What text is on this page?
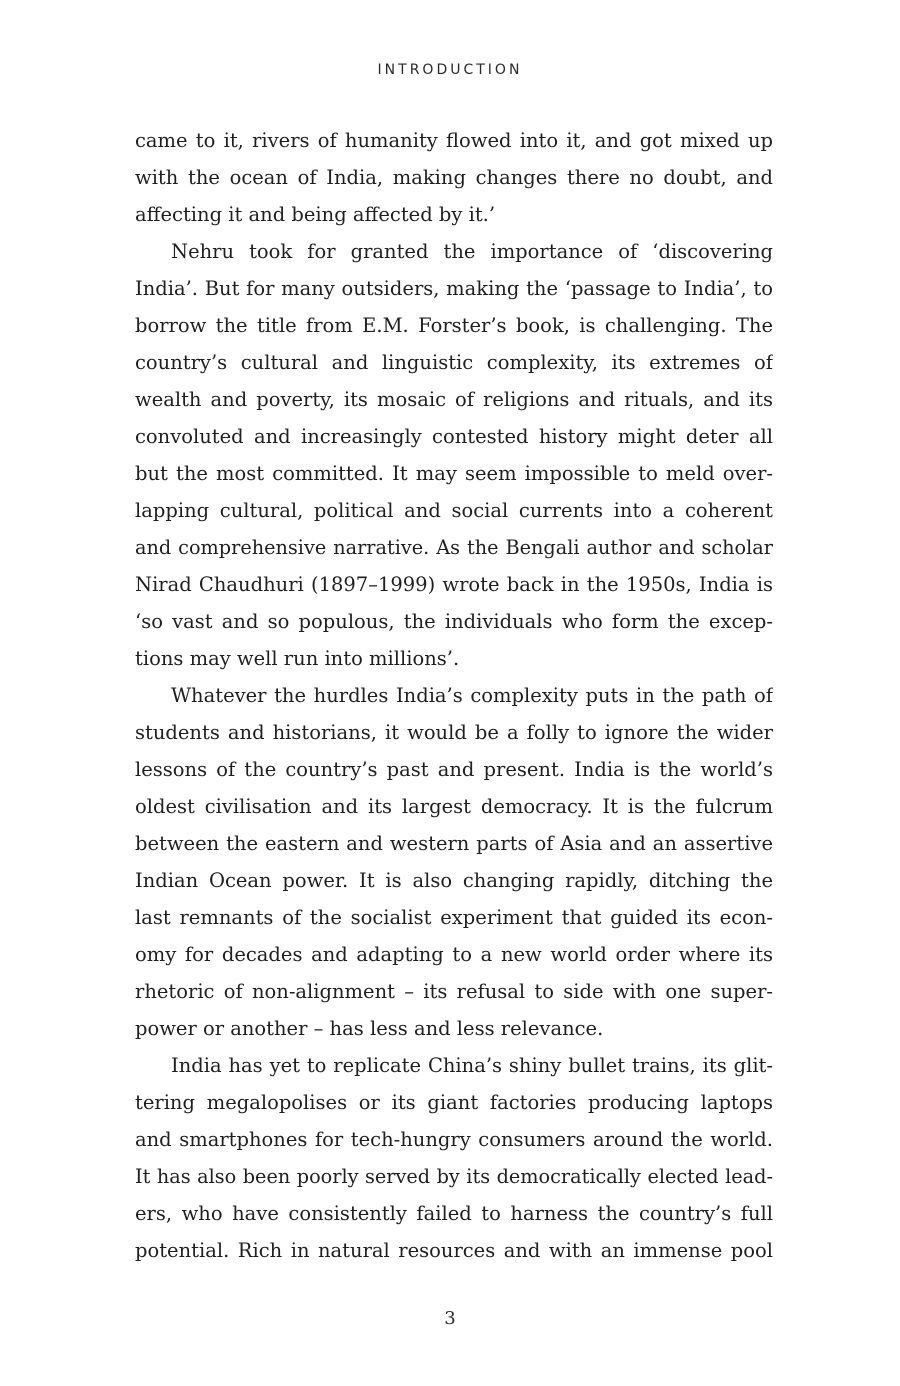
INTRODUCTION
came to it, rivers of humanity flowed into it, and got mixed up
with the ocean of India, making changes there no doubt, and
affecting it and being affected by it.’
Nehru took for granted the importance of ‘discovering
India’. But for many outsiders, making the ‘passage to India’, to
borrow the title from E.M. Forster’s book, is challenging. The
country’s cultural and linguistic complexity, its extremes of
wealth and poverty, its mosaic of religions and rituals, and its
convoluted and increasingly contested history might deter all
but the most committed. It may seem impossible to meld over-
lapping cultural, political and social currents into a coherent
and comprehensive narrative. As the Bengali author and scholar
Nirad Chaudhuri (1897–1999) wrote back in the 1950s, India is
‘so vast and so populous, the individuals who form the excep-
tions may well run into millions’.
Whatever the hurdles India’s complexity puts in the path of
students and historians, it would be a folly to ignore the wider
lessons of the country’s past and present. India is the world’s
oldest civilisation and its largest democracy. It is the fulcrum
between the eastern and western parts of Asia and an assertive
Indian Ocean power. It is also changing rapidly, ditching the
last remnants of the socialist experiment that guided its econ-
omy for decades and adapting to a new world order where its
rhetoric of non-alignment – its refusal to side with one super-
power or another – has less and less relevance.
India has yet to replicate China’s shiny bullet trains, its glit-
tering megalopolises or its giant factories producing laptops
and smartphones for tech-hungry consumers around the world.
It has also been poorly served by its democratically elected lead-
ers, who have consistently failed to harness the country’s full
potential. Rich in natural resources and with an immense pool
3
